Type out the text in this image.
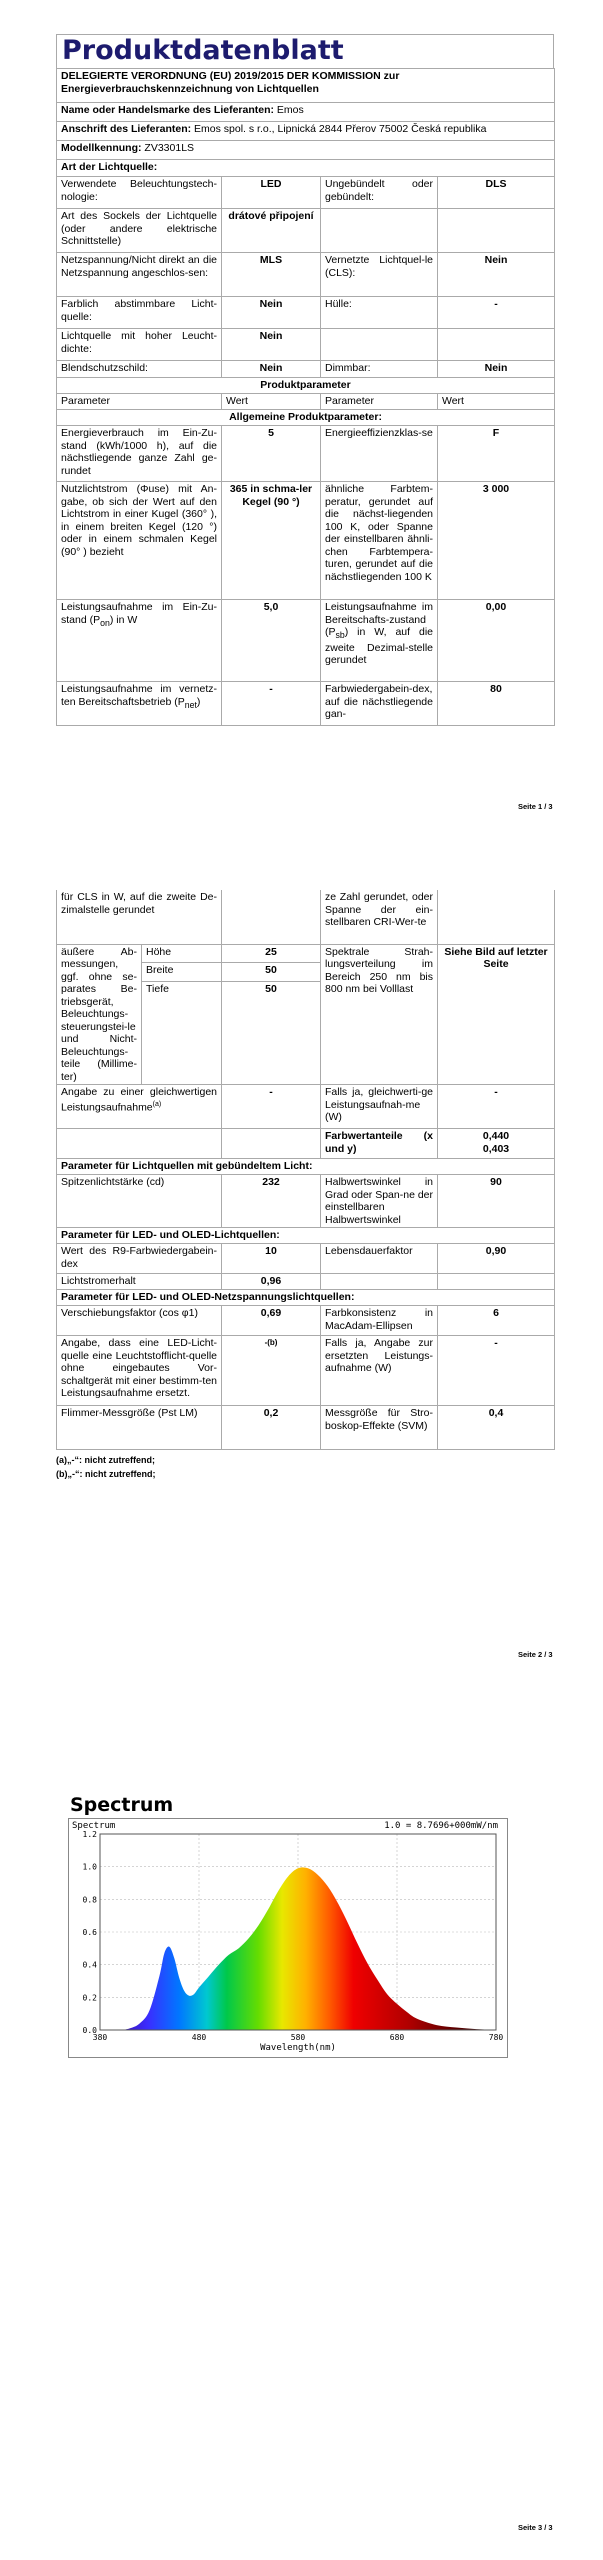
Produktdatenblatt
DELEGIERTE VERORDNUNG (EU) 2019/2015 DER KOMMISSION zur Energieverbrauchskennzeichnung von Lichtquellen			
Name oder Handelsmarke des Lieferanten: Emos			
Anschrift des Lieferanten: Emos spol. s r.o., Lipnická 2844 Přerov 75002 Česká republika			
Modellkennung: ZV3301LS			
Art der Lichtquelle:			
Verwendete Beleuchtungstech-nologie:	LED	Ungebündelt oder gebündelt:	DLS
Art des Sockels der Lichtquelle (oder andere elektrische Schnittstelle)	drátové připojení		
Netzspannung/Nicht direkt an die Netzspannung angeschlos-sen:	MLS	Vernetzte Lichtquel-le (CLS):	Nein
Farblich abstimmbare Licht-quelle:	Nein	Hülle:	-
Lichtquelle mit hoher Leucht-dichte:	Nein		
Blendschutzschild:	Nein	Dimmbar:	Nein
Produktparameter			
Parameter	Wert	Parameter	Wert
Allgemeine Produktparameter:			
Energieverbrauch im Ein-Zu-stand (kWh/1000 h), auf die nächstliegende ganze Zahl ge-rundet	5	Energieeffizienzklas-se	F
Nutzlichtstrom (Φuse) mit An-gabe, ob sich der Wert auf den Lichtstrom in einer Kugel (360° ), in einem breiten Kegel (120 °) oder in einem schmalen Kegel (90° ) bezieht	365 in schma-ler Kegel (90 °)	ähnliche Farbtem-peratur, gerundet auf die nächst-liegenden 100 K, oder Spanne der einstellbaren ähnli-chen Farbtempera-turen, gerundet auf die nächstliegenden 100 K	3 000
Leistungsaufnahme im Ein-Zu-stand $(P_{on})$ in W	5,0	Leistungsaufnahme im Bereitschafts-zustand $(P_{sb})$ in W, auf die zweite Dezimal-stelle gerundet	0,00
Leistungsaufnahme im vernetz-ten Bereitschaftsbetrieb $(P_{net})$	-	Farbwiedergabein-dex, auf die nächstliegende gan-	80
Seite 1 / 3
für CLS in W, auf die zweite De-zimalstelle gerundet			ze Zahl gerundet, oder Spanne der ein-stellbaren CRI-Wer-te	
äußere Ab-messungen, ggf. ohne se-parates Be-triebsgerät, Beleuchtungs-steuerungstei-le und Nicht-Beleuchtungs-teile (Millime-ter)	Höhe	25	Spektrale Strah-lungsverteilung im Bereich 250 nm bis 800 nm bei Volllast	Siehe Bild auf letzter Seite
	Breite	50		
	Tiefe	50		

Angabe zu einer gleichwertigen Leistungsaufnahme$^{(a)}$		-	Falls ja, gleichwerti-ge Leistungsaufnah-me (W)	-
			Farbwertanteile (x und y)	0,440
0,403

Parameter für Lichtquellen mit gebündeltem Licht:				
Spitzenlichtstärke (cd)		232	Halbwertswinkel in Grad oder Span-ne der einstellbaren Halbwertswinkel	90
Parameter für LED- und OLED-Lichtquellen:				
Wert des R9-Farbwiedergabein-dex		10	Lebensdauerfaktor	0,90
Lichtstromerhalt		0,96		
Parameter für LED- und OLED-Netzspannungslichtquellen:				
Verschiebungsfaktor (cos φ1)		0,69	Farbkonsistenz in MacAdam-Ellipsen	6
Angabe, dass eine LED-Licht-quelle eine Leuchtstofflicht-quelle ohne eingebautes Vor-schaltgerät mit einer bestimm-ten Leistungsaufnahme ersetzt.		-(b)	Falls ja, Angabe zur ersetzten Leistungs-aufnahme (W)	-
Flimmer-Messgröße (Pst LM)		0,2	Messgröße für Stro-boskop-Effekte (SVM)	0,4
(a)„-“: nicht zutreffend;
(b)„-“: nicht zutreffend;
Seite 2 / 3
Spectrum
Spectrum	1.0 = 8.7696+000mW/nm
0.0
0.2
0.4
0.6
0.8
1.0
1.2
380	480	580	680	780
Wavelength(nm)
Seite 3 / 3
